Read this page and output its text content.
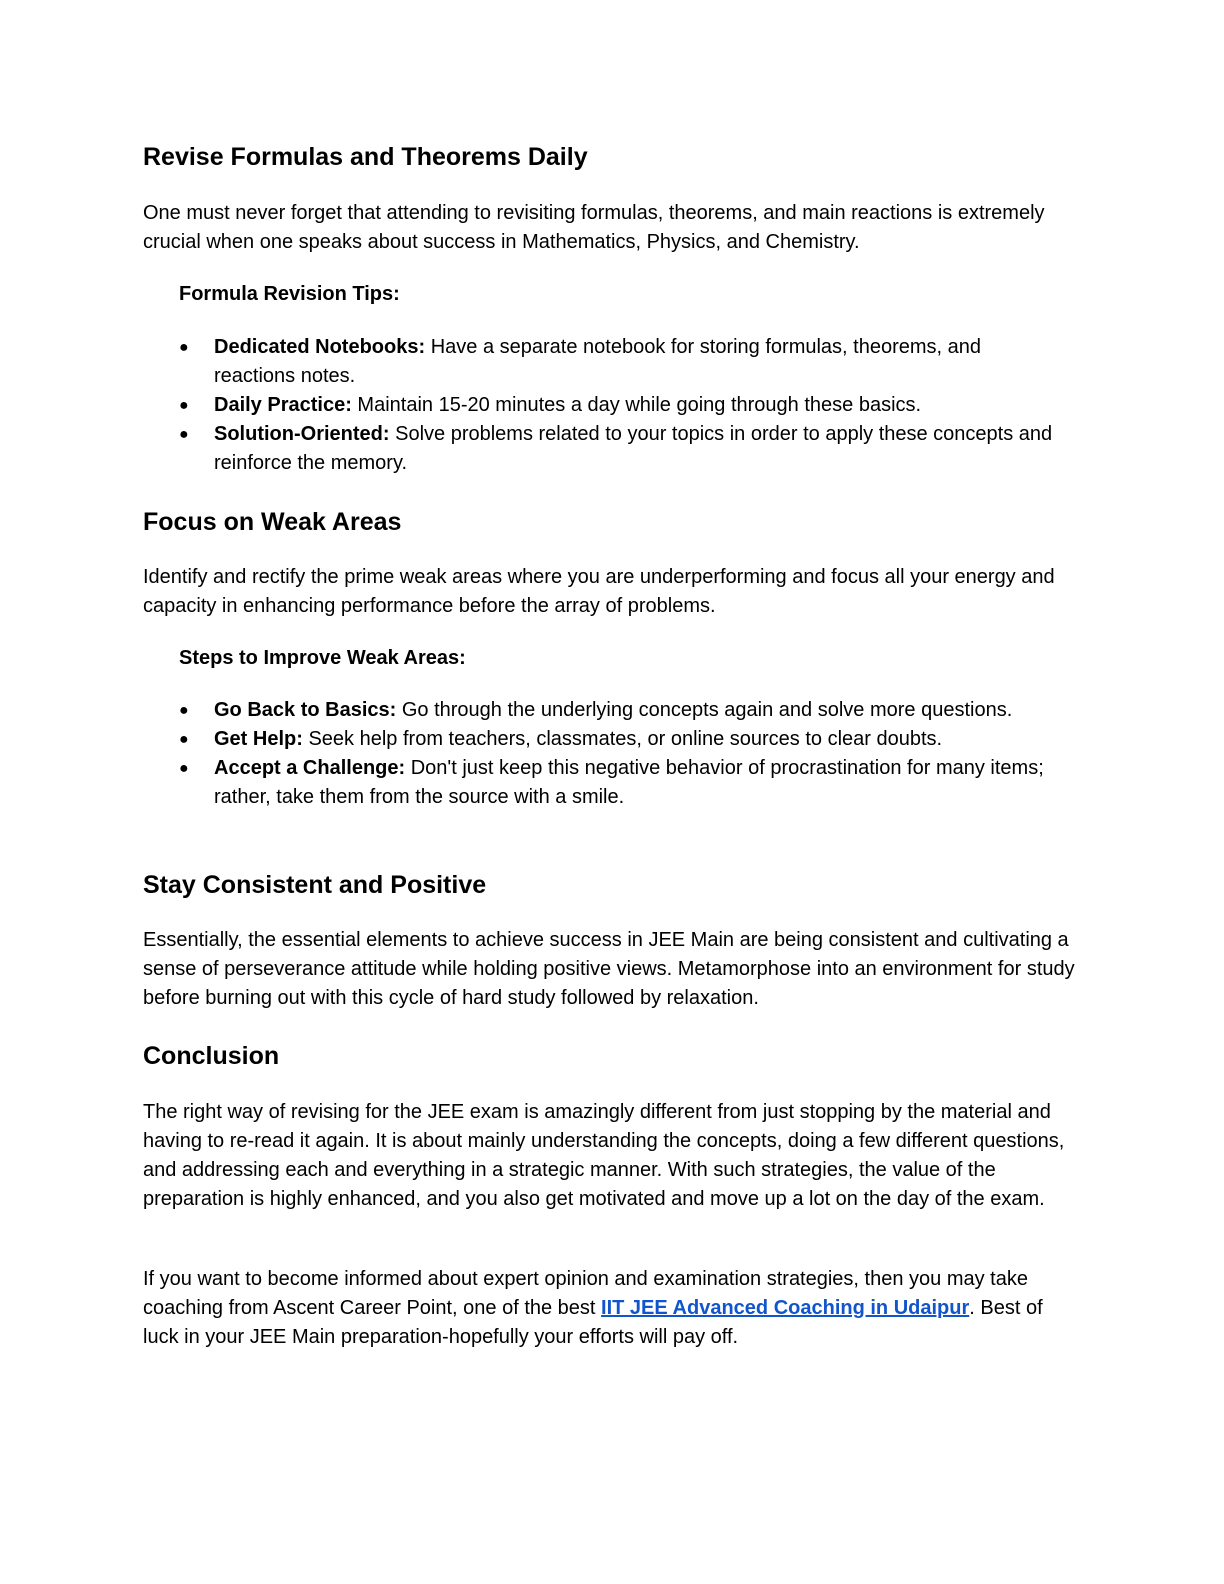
Revise Formulas and Theorems Daily

One must never forget that attending to revisiting formulas, theorems, and main reactions is extremely crucial when one speaks about success in Mathematics, Physics, and Chemistry.

Formula Revision Tips:
● Dedicated Notebooks: Have a separate notebook for storing formulas, theorems, and reactions notes.
● Daily Practice: Maintain 15-20 minutes a day while going through these basics.
● Solution-Oriented: Solve problems related to your topics in order to apply these concepts and reinforce the memory.
Focus on Weak Areas

Identify and rectify the prime weak areas where you are underperforming and focus all your energy and capacity in enhancing performance before the array of problems.

Steps to Improve Weak Areas:
● Go Back to Basics: Go through the underlying concepts again and solve more questions.
● Get Help: Seek help from teachers, classmates, or online sources to clear doubts.
● Accept a Challenge: Don't just keep this negative behavior of procrastination for many items; rather, take them from the source with a smile.
Stay Consistent and Positive

Essentially, the essential elements to achieve success in JEE Main are being consistent and cultivating a sense of perseverance attitude while holding positive views. Metamorphose into an environment for study before burning out with this cycle of hard study followed by relaxation.

Conclusion

The right way of revising for the JEE exam is amazingly different from just stopping by the material and having to re-read it again. It is about mainly understanding the concepts, doing a few different questions, and addressing each and everything in a strategic manner. With such strategies, the value of the preparation is highly enhanced, and you also get motivated and move up a lot on the day of the exam.

If you want to become informed about expert opinion and examination strategies, then you may take coaching from Ascent Career Point, one of the best IIT JEE Advanced Coaching in Udaipur. Best of luck in your JEE Main preparation-hopefully your efforts will pay off.
